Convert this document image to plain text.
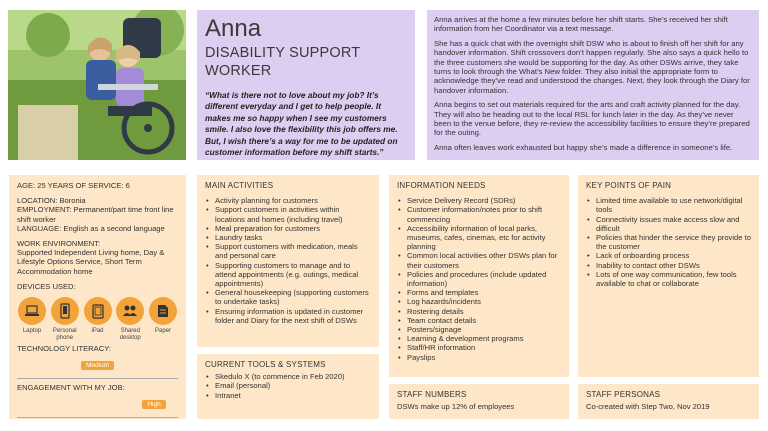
Anna
DISABILITY SUPPORT WORKER
“What is there not to love about my job? It’s different everyday and I get to help people. It makes me so happy when I see my customers smile. I also love the flexibility this job offers me. But, I wish there’s a way for me to be updated on customer information before my shift starts.”

Anna arrives at the home a few minutes before her shift starts. She’s received her shift information from her Coordinator via a text message.

She has a quick chat with the overnight shift DSW who is about to finish off her shift for any handover information. Shift crossovers don’t happen regularly. She also says a quick hello to the three customers she would be supporting for the day. As other DSWs arrive, they take turns to look through the What’s New folder. They also initial the appropriate form to acknowledge they’ve read and understood the changes. Next, they look through the Diary for handover information.

Anna begins to set out materials required for the arts and craft activity planned for the day. They will also be heading out to the local RSL for lunch later in the day. As they’ve never been to the venue before, they re-review the accessibility facilities to ensure they’re prepared for the outing.

Anna often leaves work exhausted but happy she’s made a difference in someone’s life.

AGE: 25 YEARS OF SERVICE: 6
LOCATION: Boronia
EMPLOYMENT: Permanent/part time front line shift worker
LANGUAGE: English as a second language
WORK ENVIRONMENT:
Supported Independent Living home, Day & Lifestyle Options Service, Short Term Accommodation home
DEVICES USED:
Laptop	Personal phone
iPad	Shared desktop
Paper
TECHNOLOGY LITERACY:
Medium
ENGAGEMENT WITH MY JOB:
High
MAIN ACTIVITIES
• Activity planning for customers
• Support customers in activities within locations and homes (including travel)
• Meal preparation for customers
• Laundry tasks
• Support customers with medication, meals and personal care
• Supporting customers to manage and to attend appointments (e.g. outings, medical appointments)
• General housekeeping (supporting customers to undertake tasks)
• Ensuring information is updated in customer folder and Diary for the next shift of DSWs
CURRENT TOOLS & SYSTEMS
• Skedulo X (to commence in Feb 2020)
• Email (personal)
• Intranet
INFORMATION NEEDS
• Service Delivery Record (SDRs)
• Customer information/notes prior to shift commencing
• Accessibility information of local parks, museums, cafes, cinemas, etc for activity planning
• Common local activities other DSWs plan for their customers
• Policies and procedures (include updated information)
• Forms and templates
• Log hazards/incidents
• Rostering details
• Team contact details
• Posters/signage
• Learning & development programs
• Staff/HR information
• Payslips
STAFF NUMBERS
DSWs make up 12% of employees
KEY POINTS OF PAIN
• Limited time available to use network/digital tools
• Connectivity issues make access slow and difficult
• Policies that hinder the service they provide to the customer
• Lack of onboarding process
• Inability to contact other DSWs
• Lots of one way communication, few tools available to chat or collaborate
STAFF PERSONAS
Co-created with Step Two, Nov 2019
